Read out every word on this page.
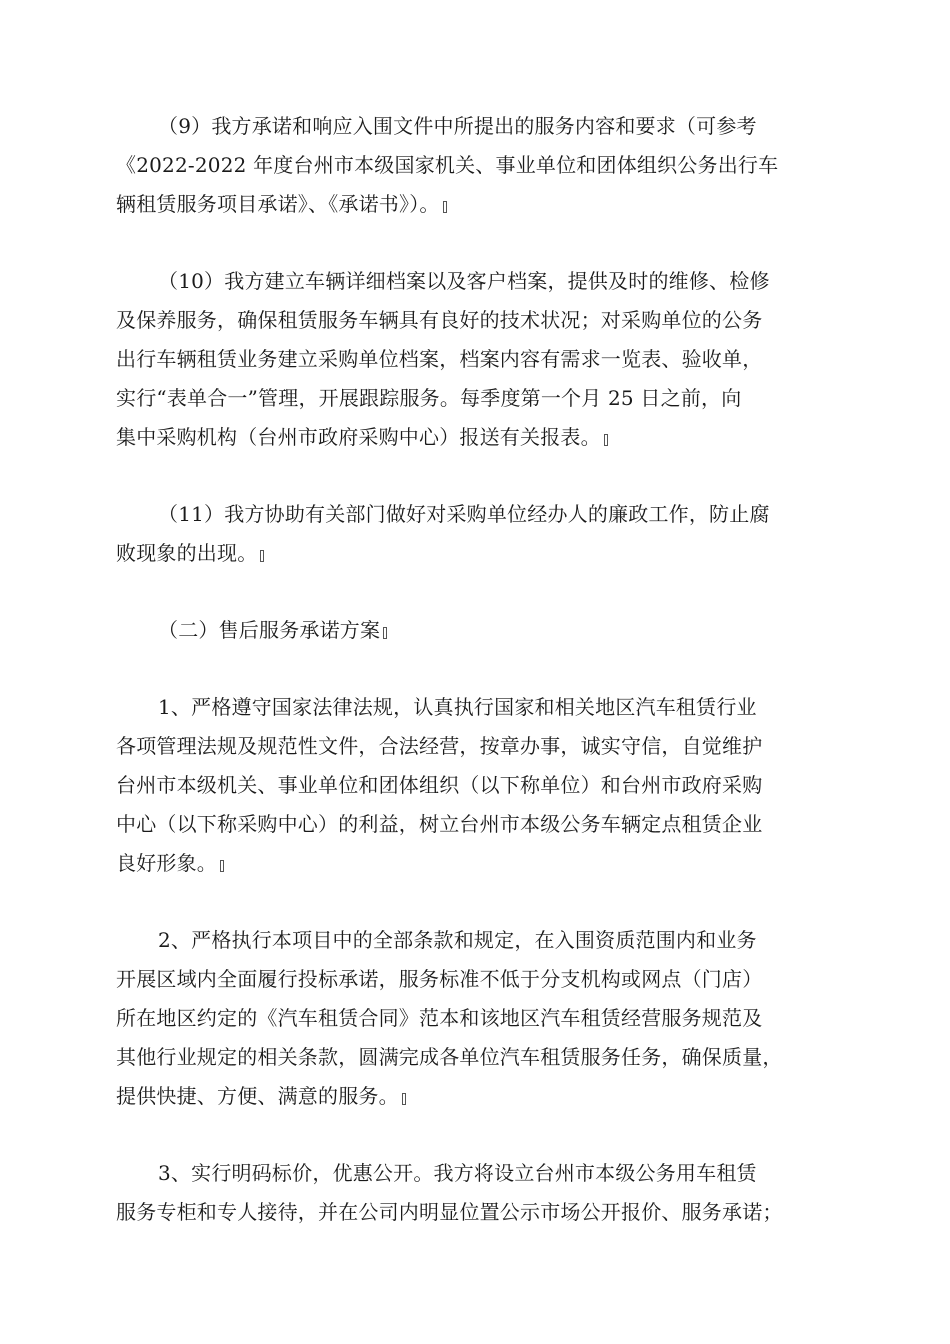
（9）我方承诺和响应入围文件中所提出的服务内容和要求（可参考
《2022-2022 年度台州市本级国家机关、事业单位和团体组织公务出行车
辆租赁服务项目承诺》、《承诺书》）。
（10）我方建立车辆详细档案以及客户档案，提供及时的维修、检修
及保养服务，确保租赁服务车辆具有良好的技术状况；对采购单位的公务
出行车辆租赁业务建立采购单位档案，档案内容有需求一览表、验收单，
实行“表单合一”管理，开展跟踪服务。每季度第一个月 25 日之前，向
集中采购机构（台州市政府采购中心）报送有关报表。
（11）我方协助有关部门做好对采购单位经办人的廉政工作，防止腐
败现象的出现。
（二）售后服务承诺方案
1、严格遵守国家法律法规，认真执行国家和相关地区汽车租赁行业
各项管理法规及规范性文件，合法经营，按章办事，诚实守信，自觉维护
台州市本级机关、事业单位和团体组织（以下称单位）和台州市政府采购
中心（以下称采购中心）的利益，树立台州市本级公务车辆定点租赁企业
良好形象。
2、严格执行本项目中的全部条款和规定，在入围资质范围内和业务
开展区域内全面履行投标承诺，服务标准不低于分支机构或网点（门店）
所在地区约定的《汽车租赁合同》范本和该地区汽车租赁经营服务规范及
其他行业规定的相关条款，圆满完成各单位汽车租赁服务任务，确保质量，
提供快捷、方便、满意的服务。
3、实行明码标价，优惠公开。我方将设立台州市本级公务用车租赁
服务专柜和专人接待，并在公司内明显位置公示市场公开报价、服务承诺；
